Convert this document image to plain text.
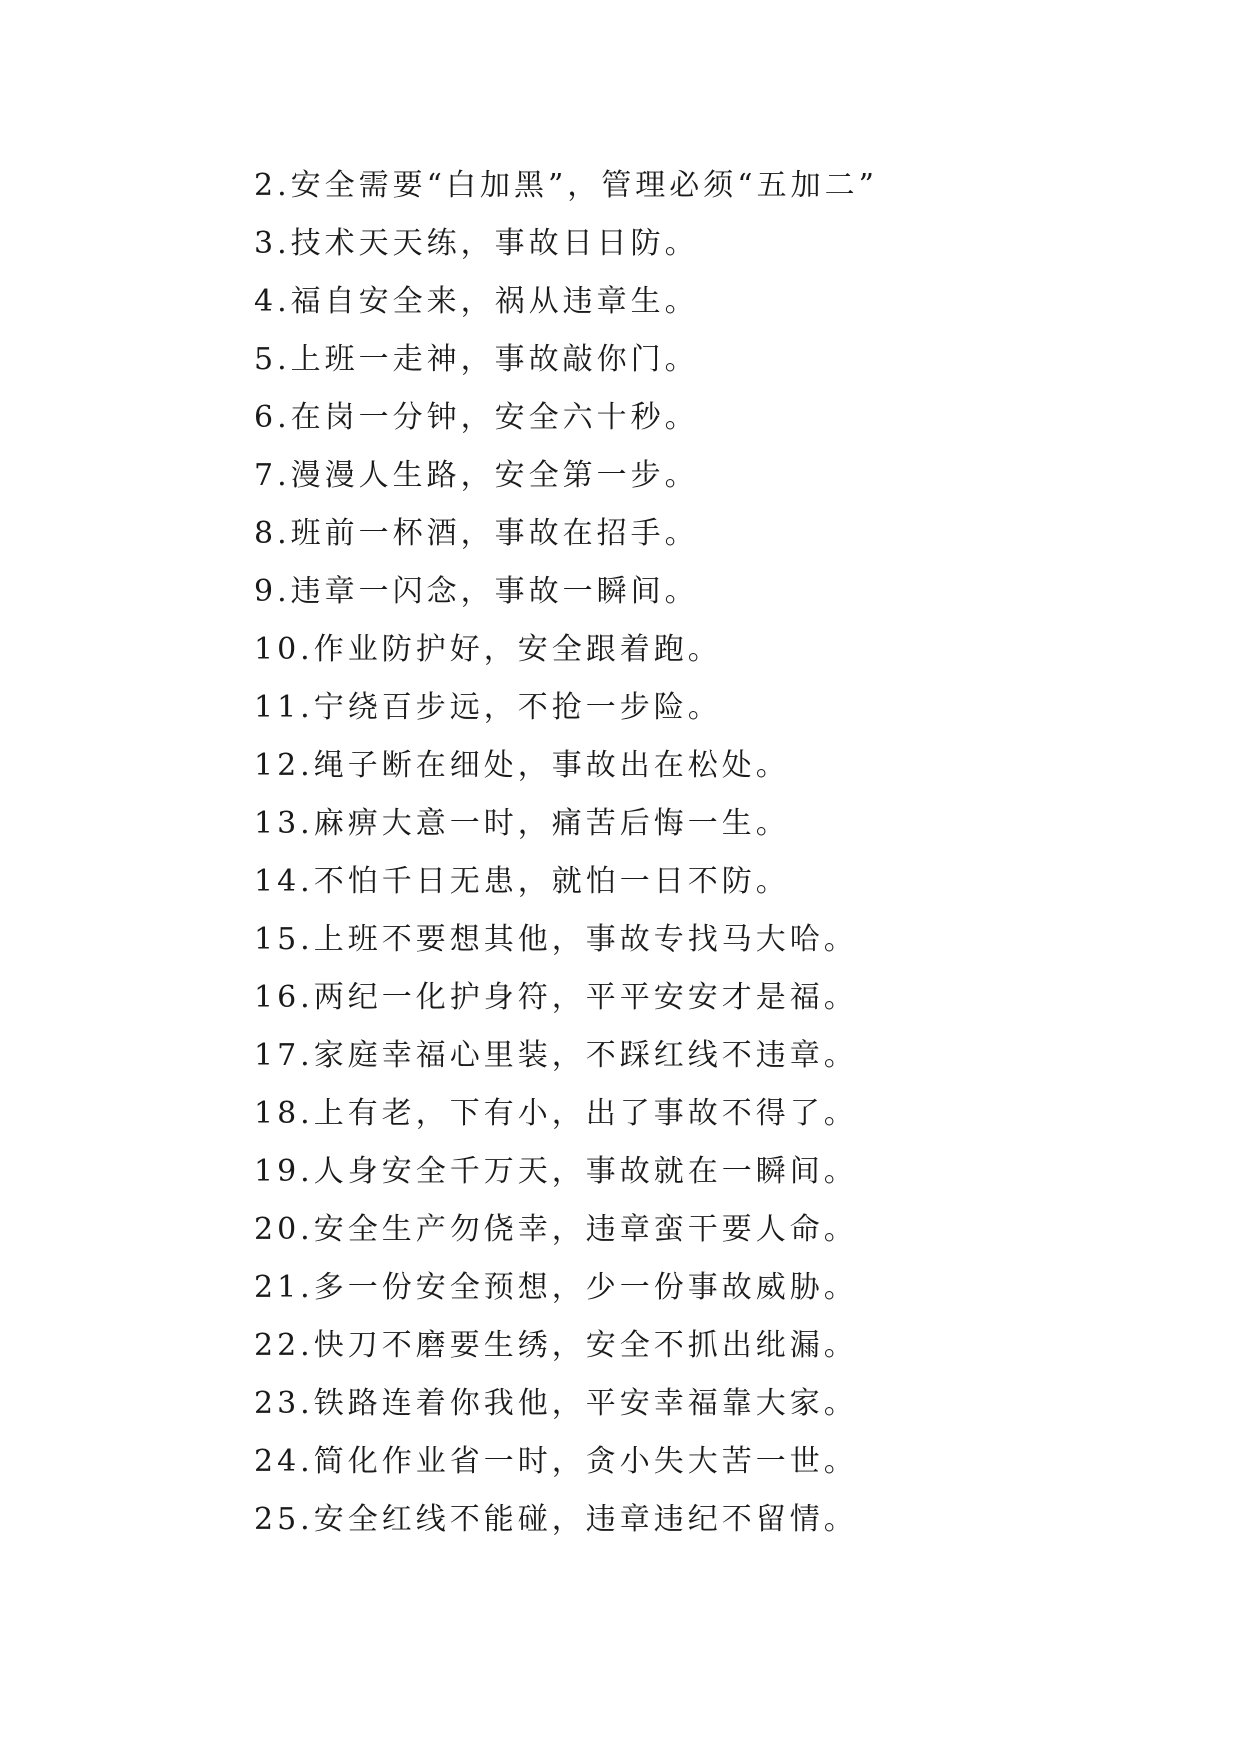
2.安全需要“白加黑”，管理必须“五加二”
3.技术天天练，事故日日防。
4.福自安全来，祸从违章生。
5.上班一走神，事故敲你门。
6.在岗一分钟，安全六十秒。
7.漫漫人生路，安全第一步。
8.班前一杯酒，事故在招手。
9.违章一闪念，事故一瞬间。
10.作业防护好，安全跟着跑。
11.宁绕百步远，不抢一步险。
12.绳子断在细处，事故出在松处。
13.麻痹大意一时，痛苦后悔一生。
14.不怕千日无患，就怕一日不防。
15.上班不要想其他，事故专找马大哈。
16.两纪一化护身符，平平安安才是福。
17.家庭幸福心里装，不踩红线不违章。
18.上有老，下有小，出了事故不得了。
19.人身安全千万天，事故就在一瞬间。
20.安全生产勿侥幸，违章蛮干要人命。
21.多一份安全预想，少一份事故威胁。
22.快刀不磨要生绣，安全不抓出纰漏。
23.铁路连着你我他，平安幸福靠大家。
24.简化作业省一时，贪小失大苦一世。
25.安全红线不能碰，违章违纪不留情。
